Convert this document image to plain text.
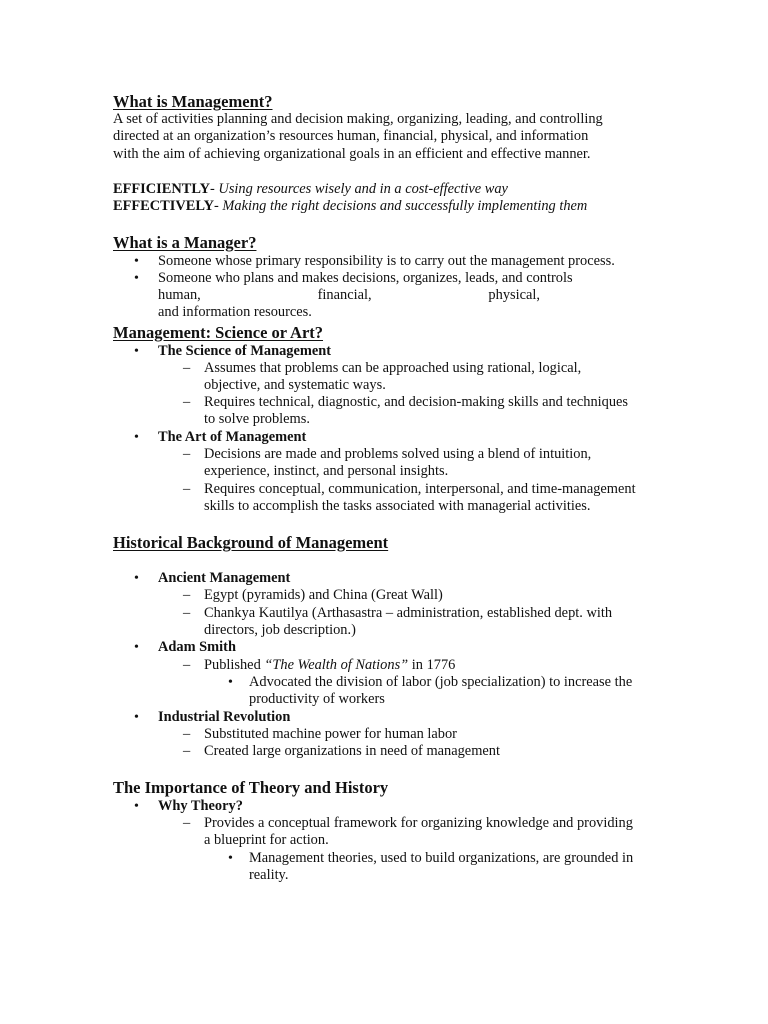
What is Management?
A set of activities planning and decision making, organizing, leading, and controlling
directed at an organization’s resources human, financial, physical, and information
with the aim of achieving organizational goals in an efficient and effective manner.
EFFICIENTLY- Using resources wisely and in a cost-effective way
EFFECTIVELY- Making the right decisions and successfully implementing them
What is a Manager?
• Someone whose primary responsibility is to carry out the management process.
• Someone who plans and makes decisions, organizes, leads, and controls
human,	financial,	physical,
and information resources.
Management: Science or Art?
• The Science of Management
– Assumes that problems can be approached using rational, logical,
objective, and systematic ways.
– Requires technical, diagnostic, and decision-making skills and techniques
to solve problems.
• The Art of Management
– Decisions are made and problems solved using a blend of intuition,
experience, instinct, and personal insights.
– Requires conceptual, communication, interpersonal, and time-management
skills to accomplish the tasks associated with managerial activities.
Historical Background of Management
• Ancient Management
– Egypt (pyramids) and China (Great Wall)
– Chankya Kautilya (Arthasastra – administration, established dept. with
directors, job description.)
• Adam Smith
– Published “The Wealth of Nations” in 1776
• Advocated the division of labor (job specialization) to increase the
productivity of workers
• Industrial Revolution
– Substituted machine power for human labor
– Created large organizations in need of management
The Importance of Theory and History
• Why Theory?
– Provides a conceptual framework for organizing knowledge and providing
a blueprint for action.
• Management theories, used to build organizations, are grounded in
reality.
